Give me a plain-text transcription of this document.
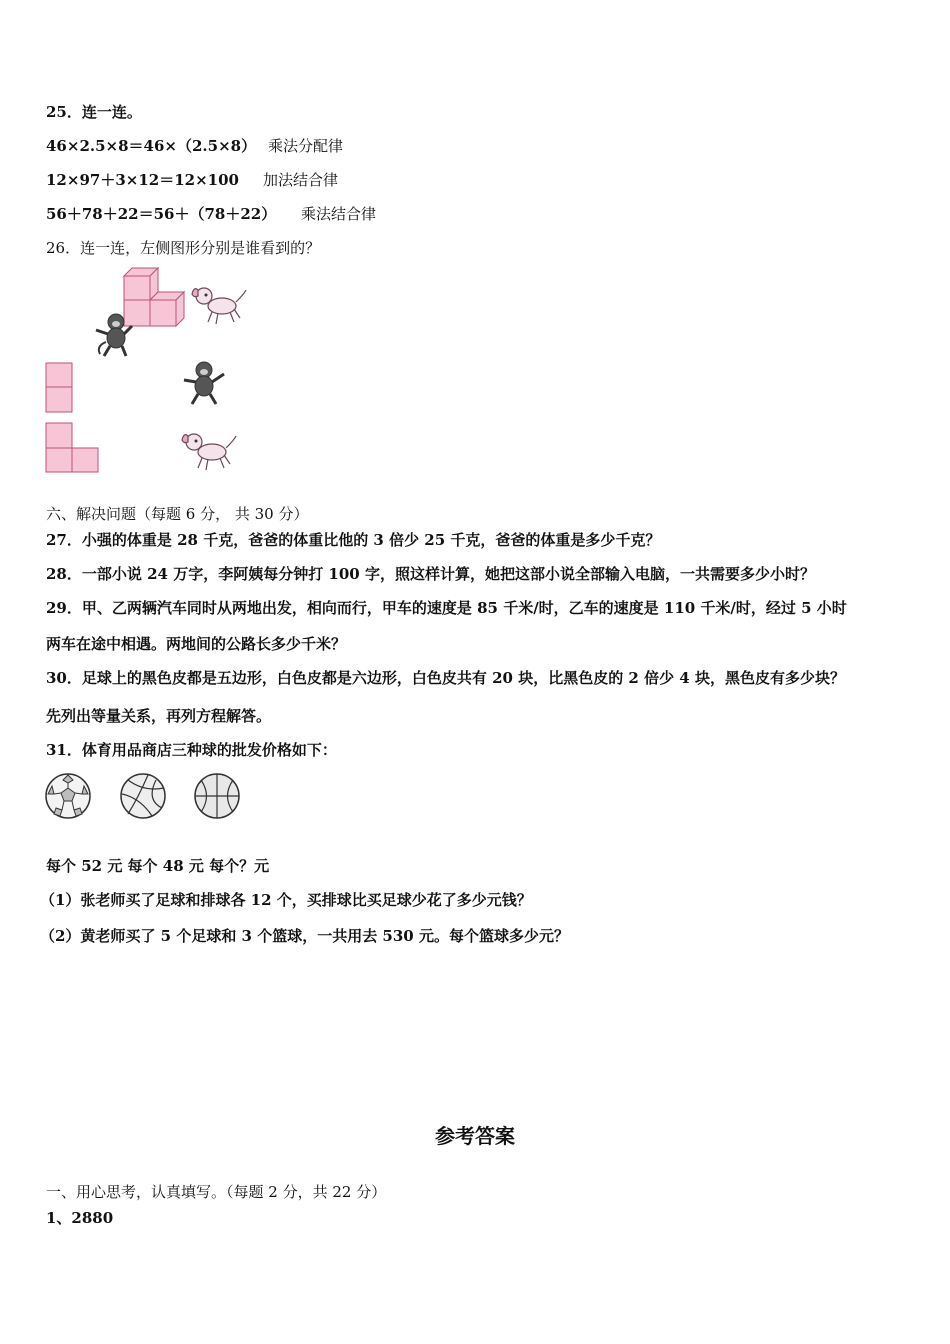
25．连一连。
46×2.5×8＝46×（2.5×8） 乘法分配律
12×97＋3×12＝12×100 加法结合律
56＋78＋22＝56＋（78＋22） 乘法结合律
26．连一连，左侧图形分别是谁看到的？
六、解决问题（每题 6 分， 共 30 分）
27．小强的体重是 28 千克，爸爸的体重比他的 3 倍少 25 千克，爸爸的体重是多少千克？
28．一部小说 24 万字，李阿姨每分钟打 100 字，照这样计算，她把这部小说全部输入电脑，一共需要多少小时？
29．甲、乙两辆汽车同时从两地出发，相向而行，甲车的速度是 85 千米/时，乙车的速度是 110 千米/时，经过 5 小时
两车在途中相遇。两地间的公路长多少千米？
30．足球上的黑色皮都是五边形，白色皮都是六边形，白色皮共有 20 块，比黑色皮的 2 倍少 4 块，黑色皮有多少块？
先列出等量关系，再列方程解答。
31．体育用品商店三种球的批发价格如下：
每个 52 元 每个 48 元 每个？元
（1）张老师买了足球和排球各 12 个，买排球比买足球少花了多少元钱？
（2）黄老师买了 5 个足球和 3 个篮球，一共用去 530 元。每个篮球多少元？
参考答案
一、用心思考，认真填写。（每题 2 分，共 22 分）
1、2880
